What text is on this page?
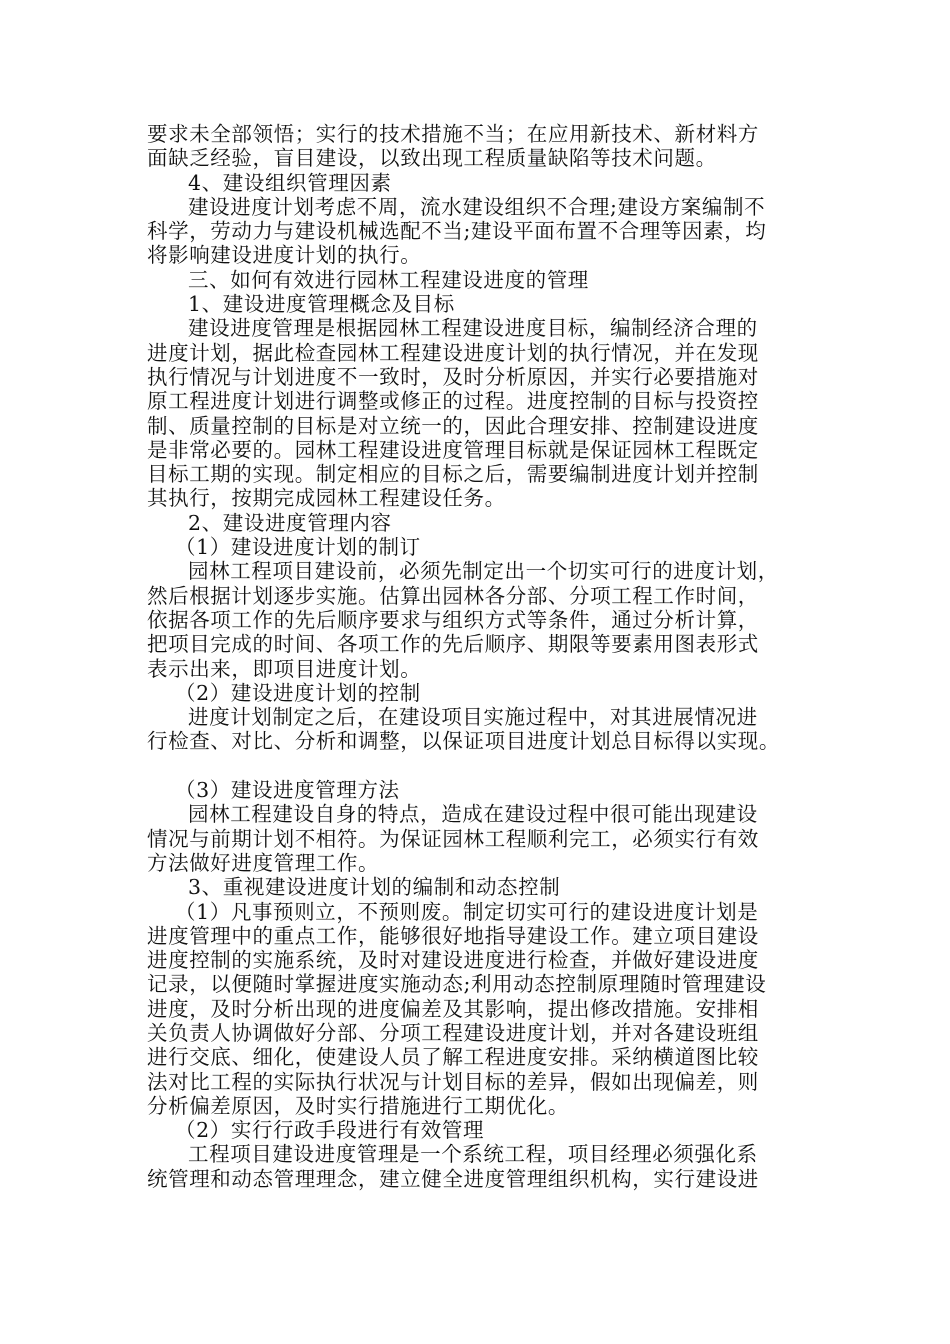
要求未全部领悟；实行的技术措施不当；在应用新技术、新材料方
面缺乏经验，盲目建设，以致出现工程质量缺陷等技术问题。
4、建设组织管理因素
建设进度计划考虑不周，流水建设组织不合理;建设方案编制不
科学，劳动力与建设机械选配不当;建设平面布置不合理等因素，均
将影响建设进度计划的执行。
三、如何有效进行园林工程建设进度的管理
1、建设进度管理概念及目标
建设进度管理是根据园林工程建设进度目标，编制经济合理的
进度计划，据此检查园林工程建设进度计划的执行情况，并在发现
执行情况与计划进度不一致时，及时分析原因，并实行必要措施对
原工程进度计划进行调整或修正的过程。进度控制的目标与投资控
制、质量控制的目标是对立统一的，因此合理安排、控制建设进度
是非常必要的。园林工程建设进度管理目标就是保证园林工程既定
目标工期的实现。制定相应的目标之后，需要编制进度计划并控制
其执行，按期完成园林工程建设任务。
2、建设进度管理内容
（1）建设进度计划的制订
园林工程项目建设前，必须先制定出一个切实可行的进度计划，
然后根据计划逐步实施。估算出园林各分部、分项工程工作时间，
依据各项工作的先后顺序要求与组织方式等条件，通过分析计算，
把项目完成的时间、各项工作的先后顺序、期限等要素用图表形式
表示出来，即项目进度计划。
（2）建设进度计划的控制
进度计划制定之后，在建设项目实施过程中，对其进展情况进
行检查、对比、分析和调整，以保证项目进度计划总目标得以实现。
（3）建设进度管理方法
园林工程建设自身的特点，造成在建设过程中很可能出现建设
情况与前期计划不相符。为保证园林工程顺利完工，必须实行有效
方法做好进度管理工作。
3、重视建设进度计划的编制和动态控制
（1）凡事预则立，不预则废。制定切实可行的建设进度计划是
进度管理中的重点工作，能够很好地指导建设工作。建立项目建设
进度控制的实施系统，及时对建设进度进行检查，并做好建设进度
记录，以便随时掌握进度实施动态;利用动态控制原理随时管理建设
进度，及时分析出现的进度偏差及其影响，提出修改措施。安排相
关负责人协调做好分部、分项工程建设进度计划，并对各建设班组
进行交底、细化，使建设人员了解工程进度安排。采纳横道图比较
法对比工程的实际执行状况与计划目标的差异，假如出现偏差，则
分析偏差原因，及时实行措施进行工期优化。
（2）实行行政手段进行有效管理
工程项目建设进度管理是一个系统工程，项目经理必须强化系
统管理和动态管理理念，建立健全进度管理组织机构，实行建设进
